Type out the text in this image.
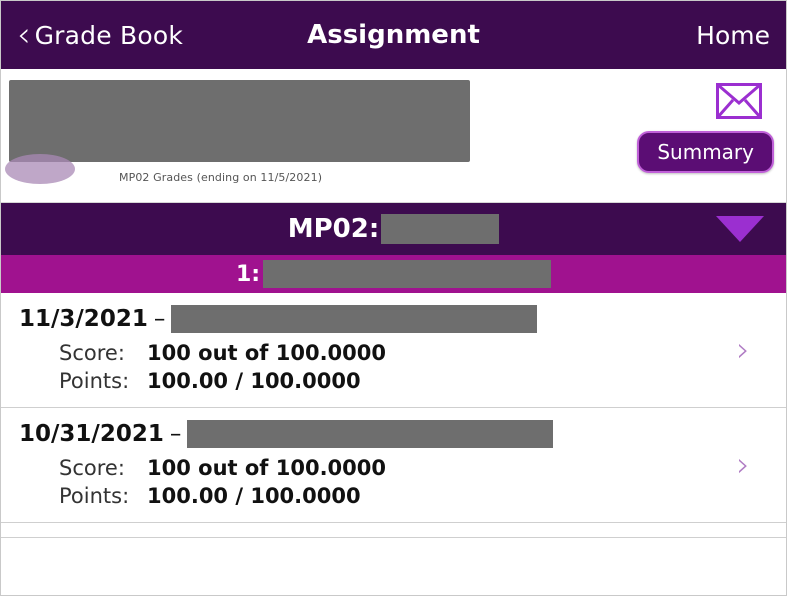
‹ Grade Book	Assignment	Home
MP02 Grades (ending on 11/5/2021)
Summary
MP02:
1:
11/3/2021 –
Score:	100 out of 100.0000
Points: 100.00 / 100.0000
›
10/31/2021 –
Score:	100 out of 100.0000
Points: 100.00 / 100.0000
›
